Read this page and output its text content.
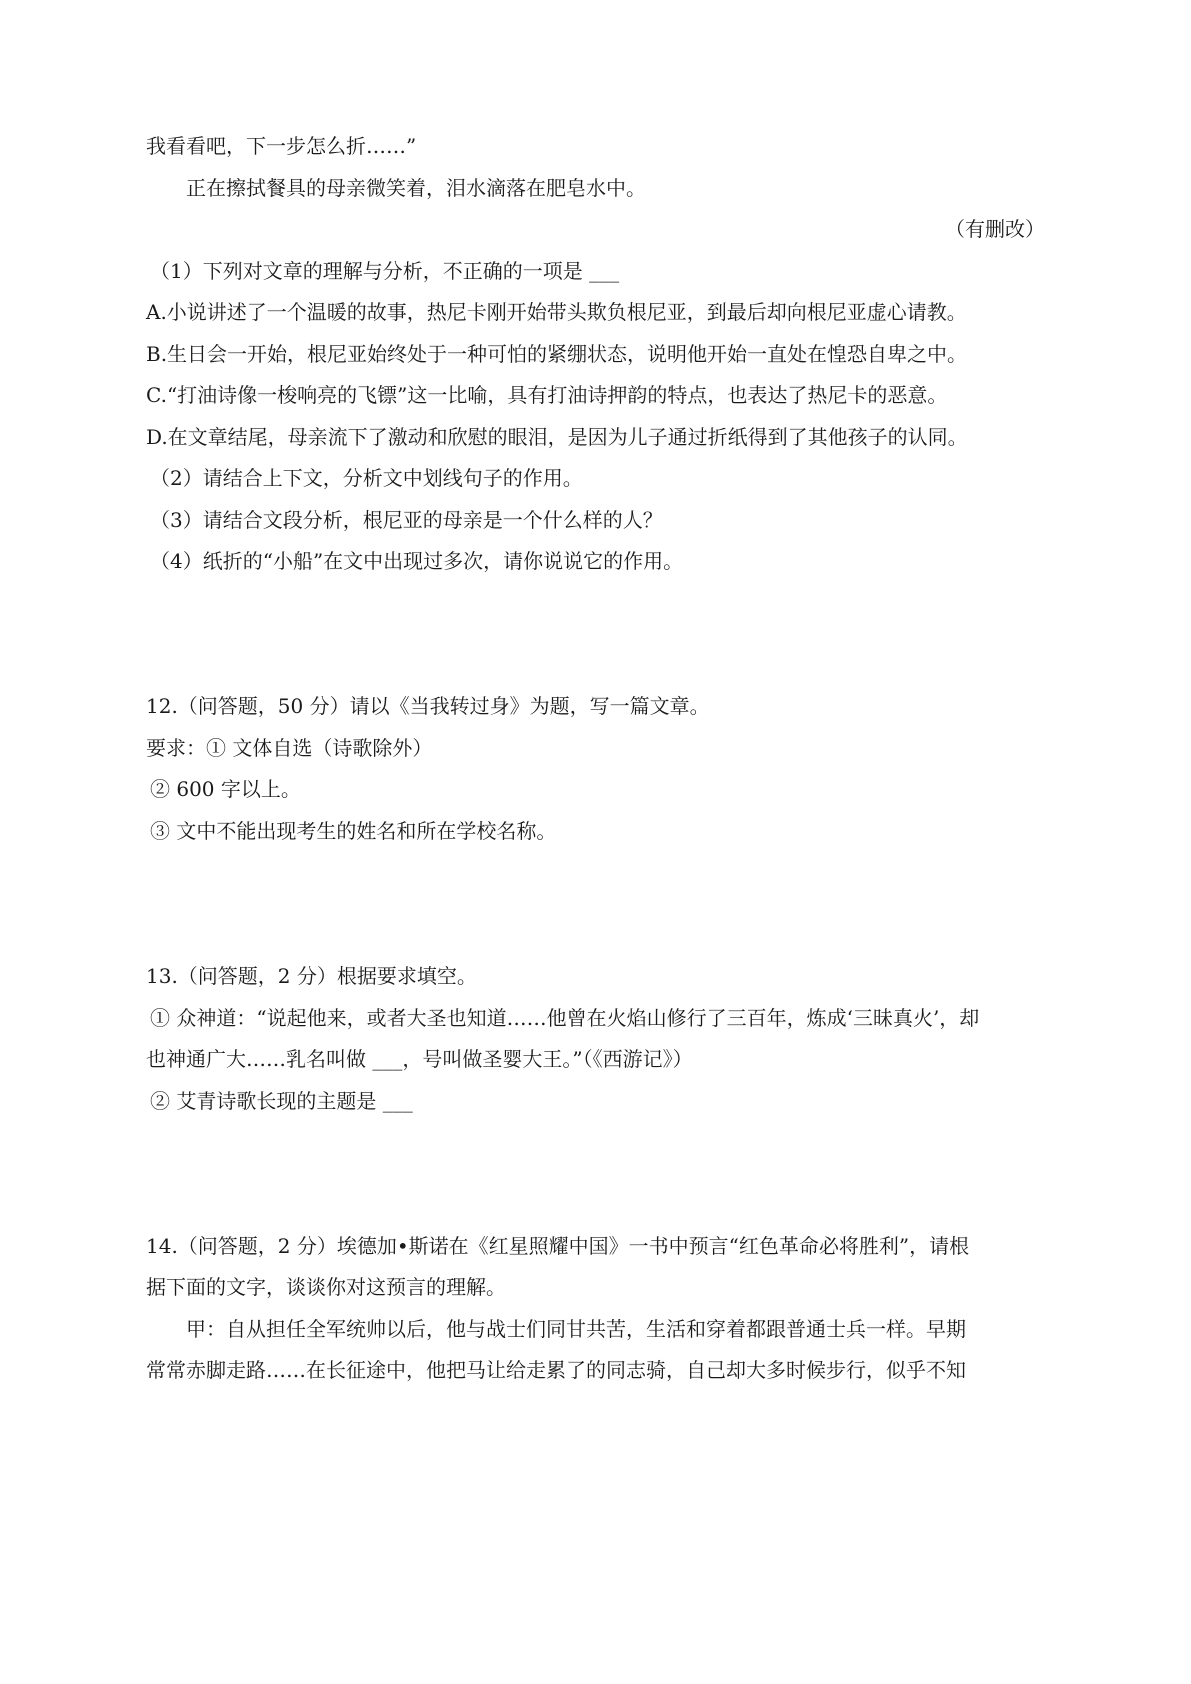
我看看吧，下一步怎么折……”
正在擦拭餐具的母亲微笑着，泪水滴落在肥皂水中。
（有删改）
（1）下列对文章的理解与分析，不正确的一项是 ___
A.小说讲述了一个温暖的故事，热尼卡刚开始带头欺负根尼亚，到最后却向根尼亚虚心请教。
B.生日会一开始，根尼亚始终处于一种可怕的紧绷状态，说明他开始一直处在惶恐自卑之中。
C.“打油诗像一梭响亮的飞镖”这一比喻，具有打油诗押韵的特点，也表达了热尼卡的恶意。
D.在文章结尾，母亲流下了激动和欣慰的眼泪，是因为儿子通过折纸得到了其他孩子的认同。
（2）请结合上下文，分析文中划线句子的作用。
（3）请结合文段分析，根尼亚的母亲是一个什么样的人？
（4）纸折的“小船”在文中出现过多次，请你说说它的作用。
12.（问答题，50 分）请以《当我转过身》为题，写一篇文章。
要求：① 文体自选（诗歌除外）
② 600 字以上。
③ 文中不能出现考生的姓名和所在学校名称。
13.（问答题，2 分）根据要求填空。
① 众神道：“说起他来，或者大圣也知道……他曾在火焰山修行了三百年，炼成‘三昧真火’，却
也神通广大……乳名叫做 ___，号叫做圣婴大王。”（《西游记》）
② 艾青诗歌长现的主题是 ___
14.（问答题，2 分）埃德加•斯诺在《红星照耀中国》一书中预言“红色革命必将胜利”，请根
据下面的文字，谈谈你对这预言的理解。
甲：自从担任全军统帅以后，他与战士们同甘共苦，生活和穿着都跟普通士兵一样。早期
常常赤脚走路……在长征途中，他把马让给走累了的同志骑，自己却大多时候步行，似乎不知
